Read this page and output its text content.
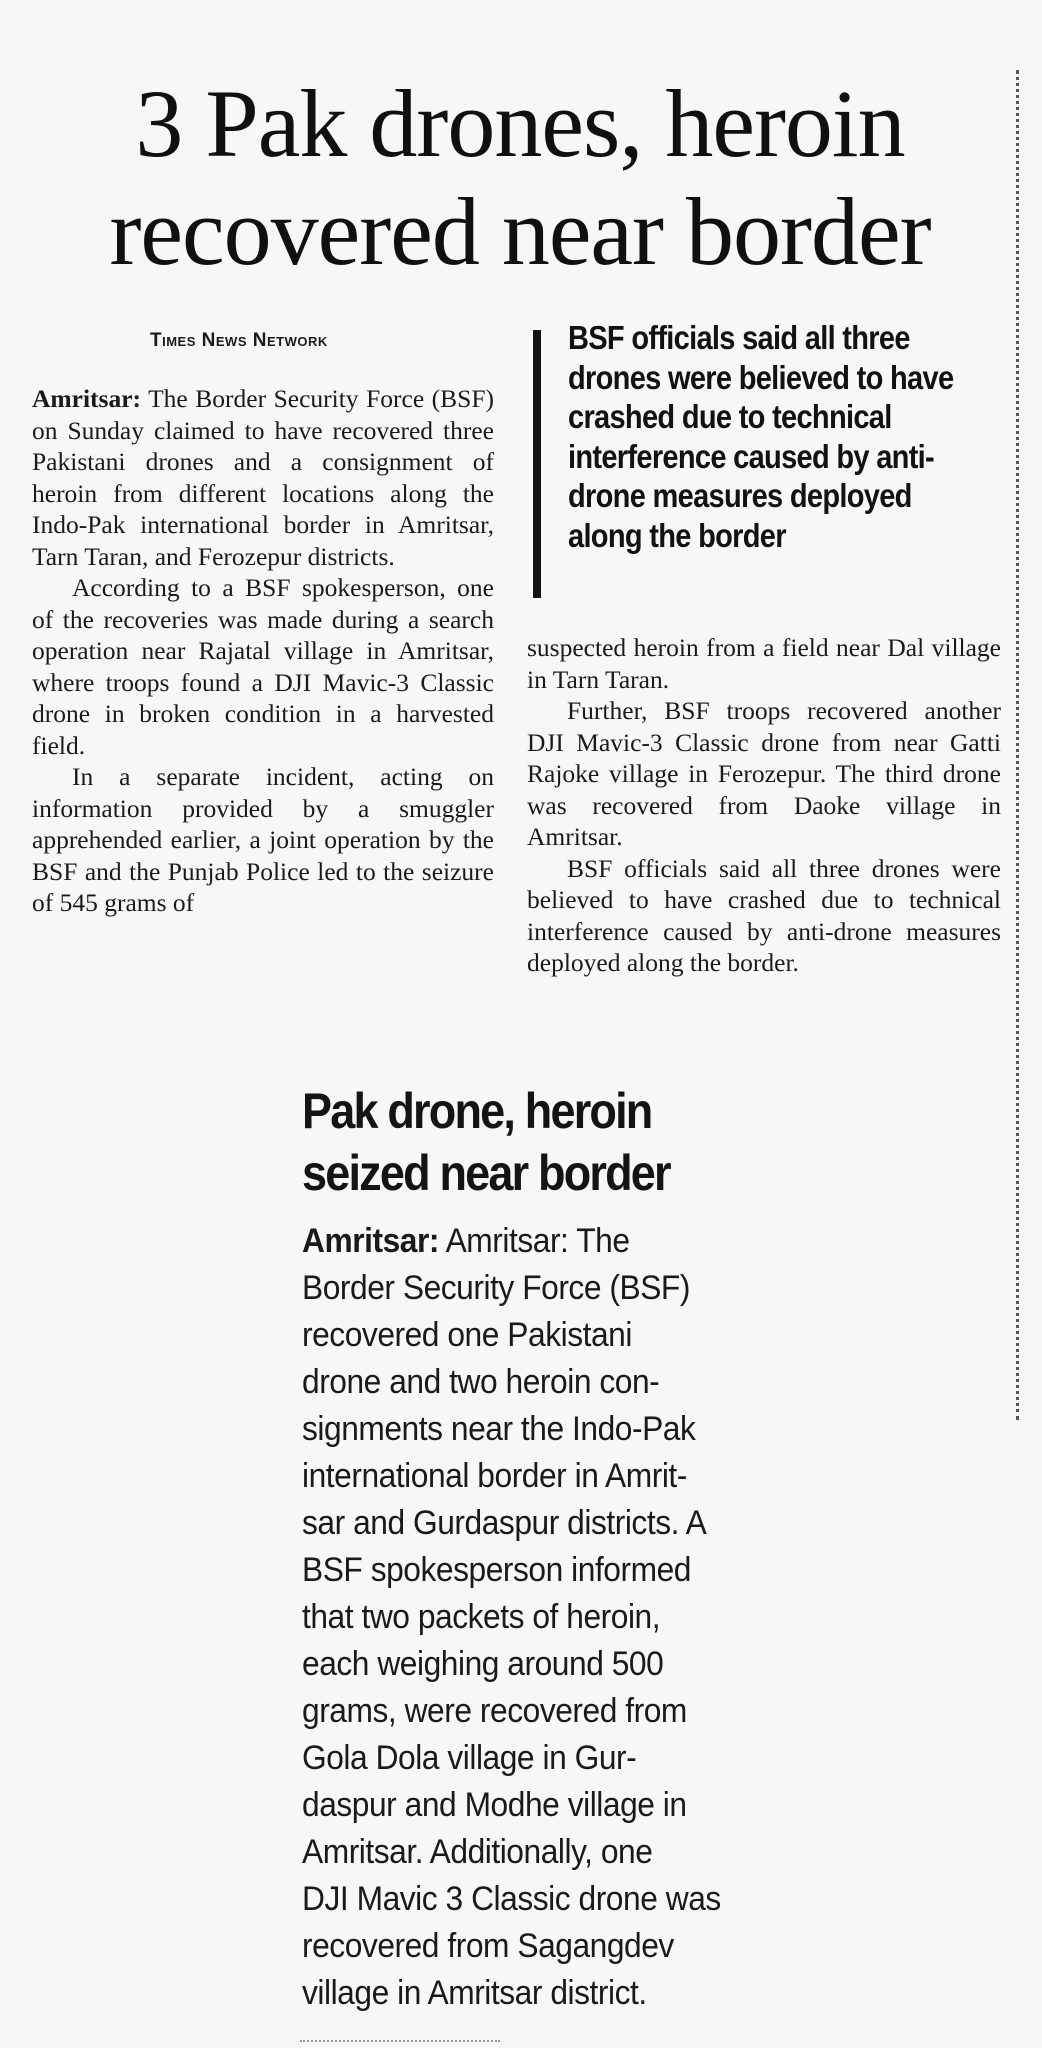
3 Pak drones, heroin recovered near border
Times News Network

Amritsar: The Border Security Force (BSF) on Sunday claimed to have recovered three Pakistani drones and a consignment of heroin from different locations along the Indo-Pak international border in Amritsar, Tarn Taran, and Ferozepur districts.

According to a BSF spokesperson, one of the recoveries was made during a search operation near Rajatal village in Amritsar, where troops found a DJI Mavic-3 Classic drone in broken condition in a harvested field.

In a separate incident, acting on information provided by a smuggler apprehended earlier, a joint operation by the BSF and the Punjab Police led to the seizure of 545 grams of

BSF officials said all three drones were believed to have crashed due to technical interference caused by anti-drone measures deployed along the border

suspected heroin from a field near Dal village in Tarn Taran.

Further, BSF troops recovered another DJI Mavic-3 Classic drone from near Gatti Rajoke village in Ferozepur. The third drone was recovered from Daoke village in Amritsar.

BSF officials said all three drones were believed to have crashed due to technical interference caused by anti-drone measures deployed along the border.

Pak drone, heroin
seized near border
Amritsar: Amritsar: The
Border Security Force (BSF)
recovered one Pakistani
drone and two heroin con-
signments near the Indo-Pak
international border in Amrit-
sar and Gurdaspur districts. A
BSF spokesperson informed
that two packets of heroin,
each weighing around 500
grams, were recovered from
Gola Dola village in Gur-
daspur and Modhe village in
Amritsar. Additionally, one
DJI Mavic 3 Classic drone was
recovered from Sagangdev
village in Amritsar district.
